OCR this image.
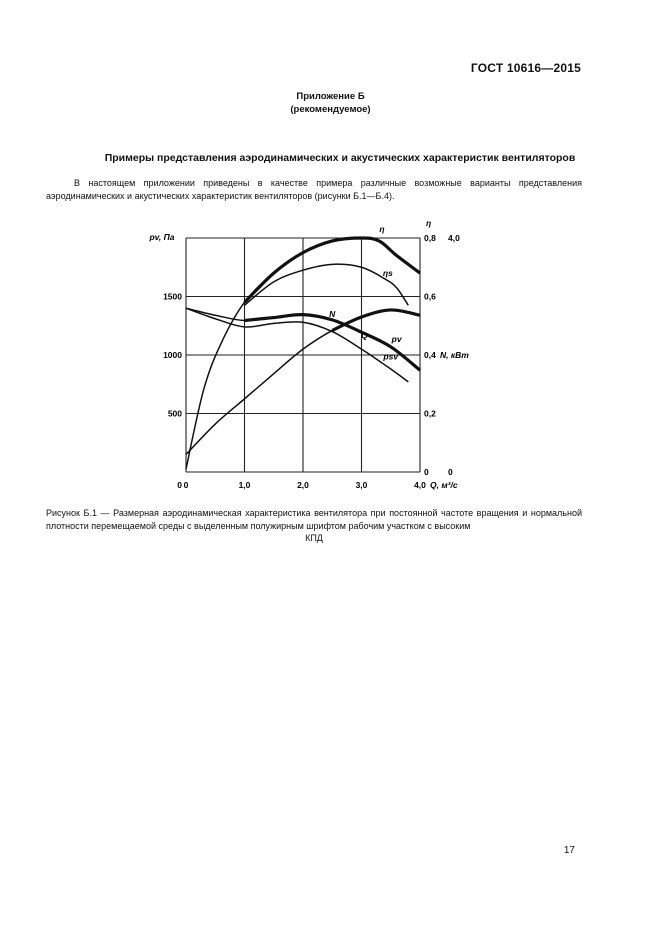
ГОСТ 10616—2015
Приложение Б
(рекомендуемое)
Примеры представления аэродинамических и акустических характеристик вентиляторов
В настоящем приложении приведены в качестве примера различные возможные варианты представления аэродинамических и акустических характеристик вентиляторов (рисунки Б.1—Б.4).
0	1,0	2,0	3,0	4,0
0
0,2
0,4
0,6
0,8
500
1000
1500
0
4,0
0
pv, Па
η
N, кВт
Q, м³/с
η
ηs
pv
Q
psv
N
Рисунок Б.1 — Размерная аэродинамическая характеристика вентилятора при постоянной частоте вращения и нормальной плотности перемещаемой среды с выделенным полужирным шрифтом рабочим участком с высоким
КПД
17
